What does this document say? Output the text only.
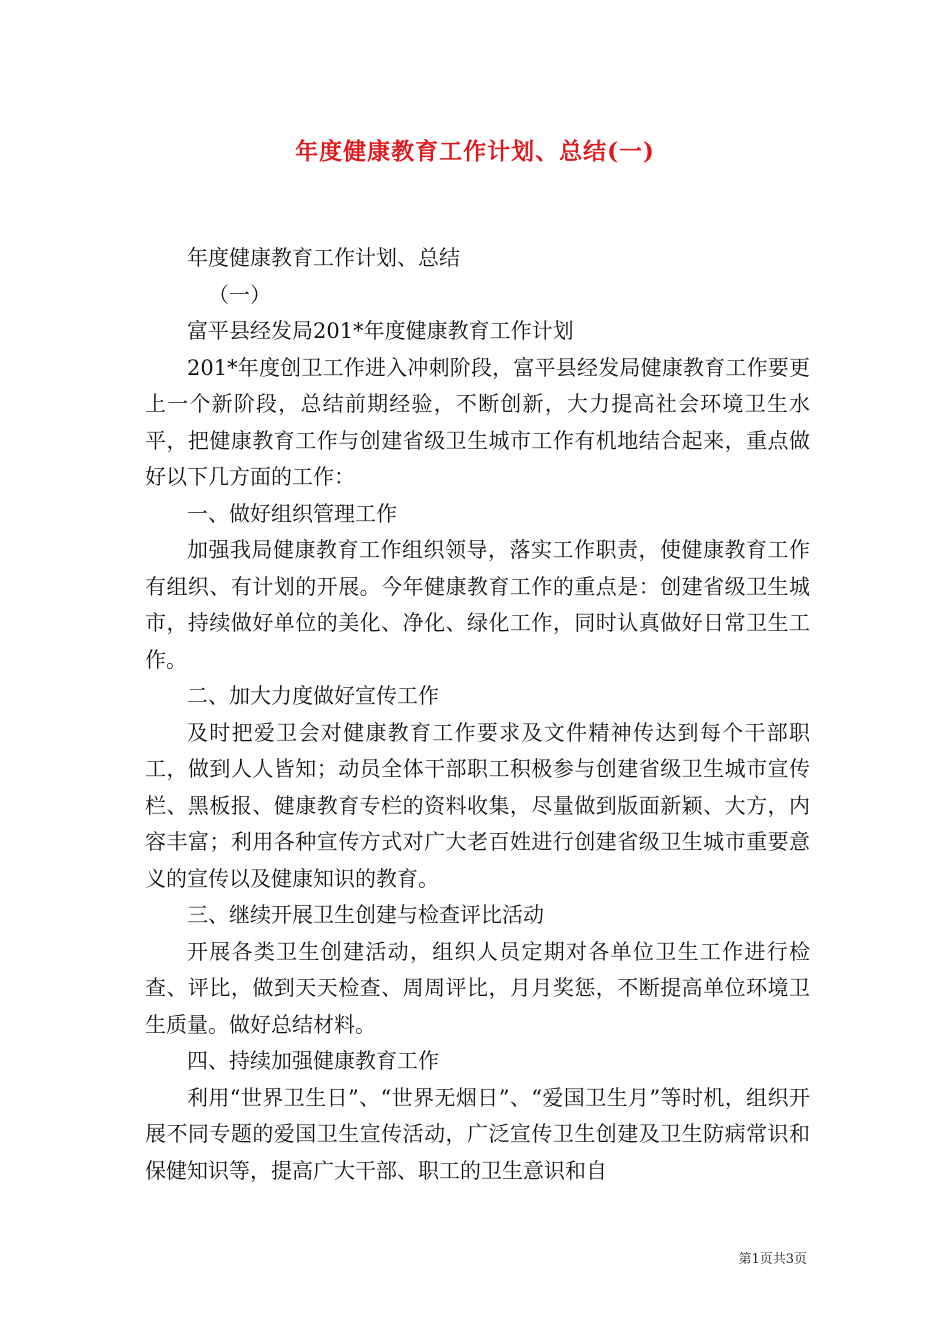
年度健康教育工作计划、总结(一)

年度健康教育工作计划、总结

（一）

富平县经发局201*年度健康教育工作计划

201*年度创卫工作进入冲刺阶段，富平县经发局健康教育工作要更上一个新阶段，总结前期经验，不断创新，大力提高社会环境卫生水平，把健康教育工作与创建省级卫生城市工作有机地结合起来，重点做好以下几方面的工作：

一、做好组织管理工作

加强我局健康教育工作组织领导，落实工作职责，使健康教育工作有组织、有计划的开展。今年健康教育工作的重点是：创建省级卫生城市，持续做好单位的美化、净化、绿化工作，同时认真做好日常卫生工作。

二、加大力度做好宣传工作

及时把爱卫会对健康教育工作要求及文件精神传达到每个干部职工，做到人人皆知；动员全体干部职工积极参与创建省级卫生城市宣传栏、黑板报、健康教育专栏的资料收集，尽量做到版面新颖、大方，内容丰富；利用各种宣传方式对广大老百姓进行创建省级卫生城市重要意义的宣传以及健康知识的教育。

三、继续开展卫生创建与检查评比活动

开展各类卫生创建活动，组织人员定期对各单位卫生工作进行检查、评比，做到天天检查、周周评比，月月奖惩，不断提高单位环境卫生质量。做好总结材料。

四、持续加强健康教育工作

利用“世界卫生日”、“世界无烟日”、“爱国卫生月”等时机，组织开展不同专题的爱国卫生宣传活动，广泛宣传卫生创建及卫生防病常识和保健知识等，提高广大干部、职工的卫生意识和自

第1页共3页
